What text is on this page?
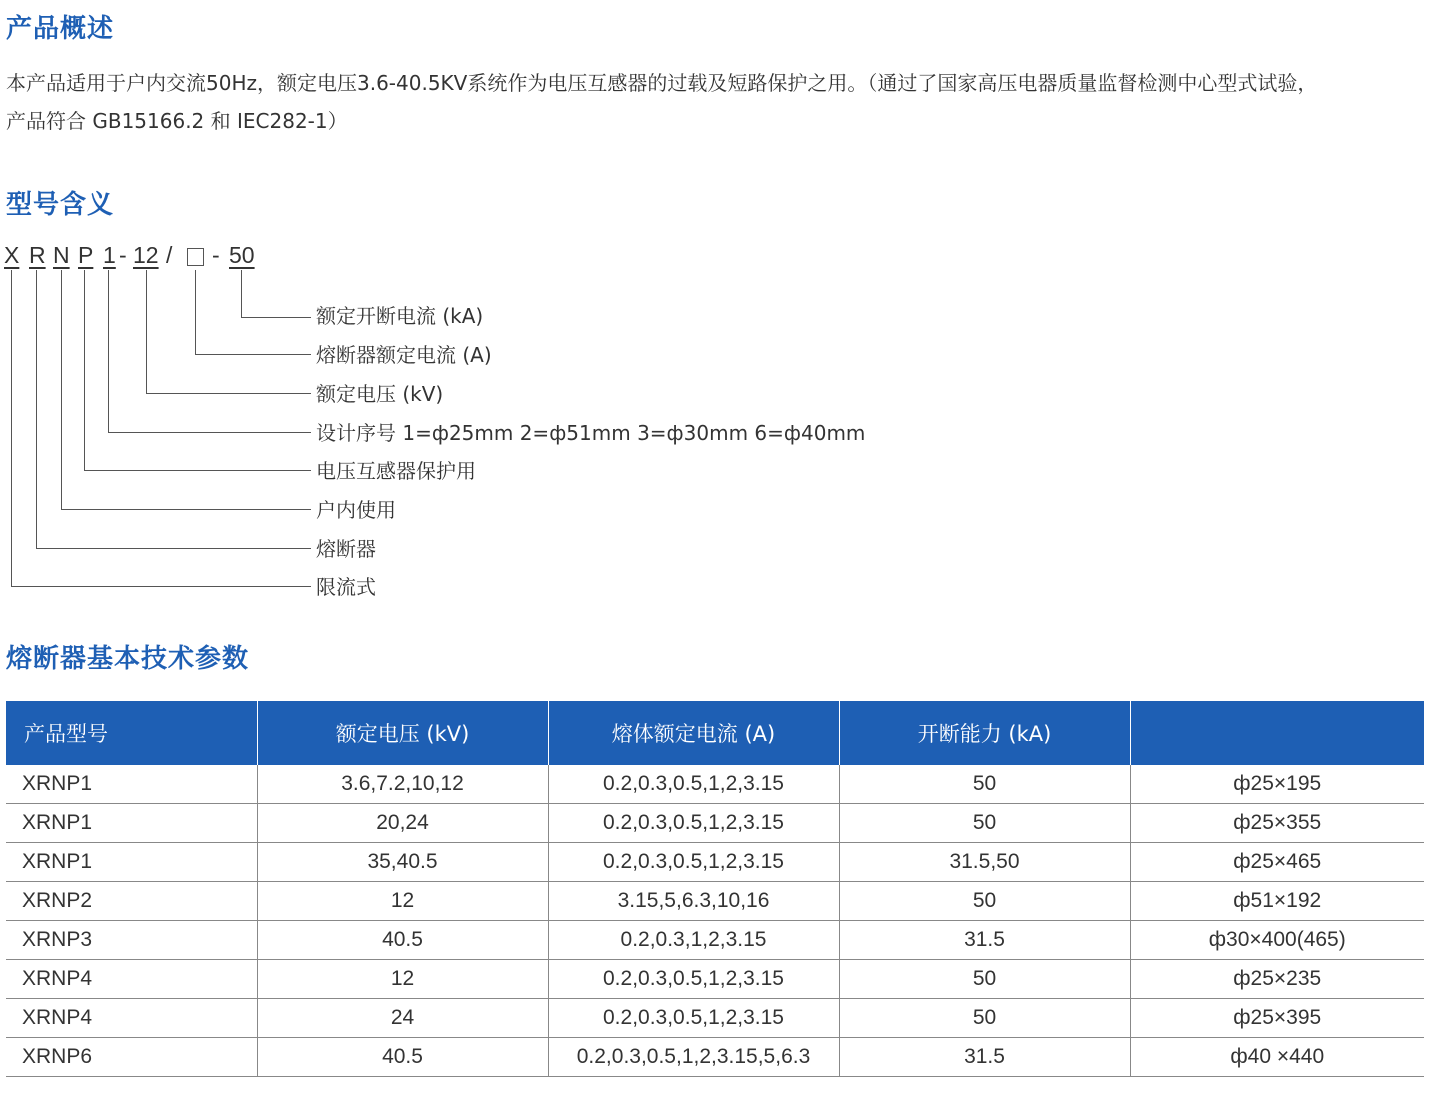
产品概述
本产品适用于户内交流50Hz，额定电压3.6-40.5KV系统作为电压互感器的过载及短路保护之用。（通过了国家高压电器质量监督检测中心型式试验，
产品符合 GB15166.2 和 IEC282-1）
型号含义
X R N P 1 - 12 / - 50
额定开断电流 (kA)
熔断器额定电流 (A)
额定电压 (kV)
设计序号 1=ф25mm 2=ф51mm 3=ф30mm 6=ф40mm
电压互感器保护用
户内使用
熔断器
限流式
熔断器基本技术参数
产品型号	额定电压 (kV)	熔体额定电流 (A)	开断能力 (kA)	
XRNP1	3.6,7.2,10,12	0.2,0.3,0.5,1,2,3.15	50	ф25×195
XRNP1	20,24	0.2,0.3,0.5,1,2,3.15	50	ф25×355
XRNP1	35,40.5	0.2,0.3,0.5,1,2,3.15	31.5,50	ф25×465
XRNP2	12	3.15,5,6.3,10,16	50	ф51×192
XRNP3	40.5	0.2,0.3,1,2,3.15	31.5	ф30×400(465)
XRNP4	12	0.2,0.3,0.5,1,2,3.15	50	ф25×235
XRNP4	24	0.2,0.3,0.5,1,2,3.15	50	ф25×395
XRNP6	40.5	0.2,0.3,0.5,1,2,3.15,5,6.3	31.5	ф40 ×440
